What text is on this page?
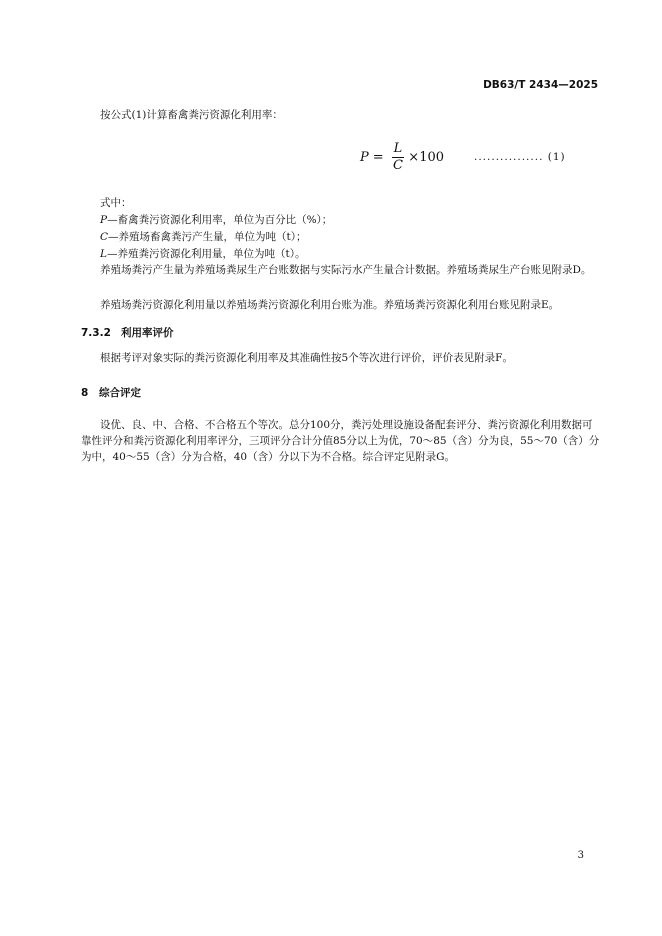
DB63/T 2434—2025
按公式(1)计算畜禽粪污资源化利用率：
$P = \frac{L}{C} \times 100$	................ (1)
式中：
P—畜禽粪污资源化利用率，单位为百分比（%）；
C—养殖场畜禽粪污产生量，单位为吨（t）；
L—养殖粪污资源化利用量，单位为吨（t）。
养殖场粪污产生量为养殖场粪尿生产台账数据与实际污水产生量合计数据。养殖场粪尿生产台账见附录D。
养殖场粪污资源化利用量以养殖场粪污资源化利用台账为准。养殖场粪污资源化利用台账见附录E。
7.3.2 利用率评价
根据考评对象实际的粪污资源化利用率及其准确性按5个等次进行评价，评价表见附录F。
8 综合评定
设优、良、中、合格、不合格五个等次。总分100分，粪污处理设施设备配套评分、粪污资源化利用数据可靠性评分和粪污资源化利用率评分，三项评分合计分值85分以上为优，70～85（含）分为良，55～70（含）分为中，40～55（含）分为合格，40（含）分以下为不合格。综合评定见附录G。
3
